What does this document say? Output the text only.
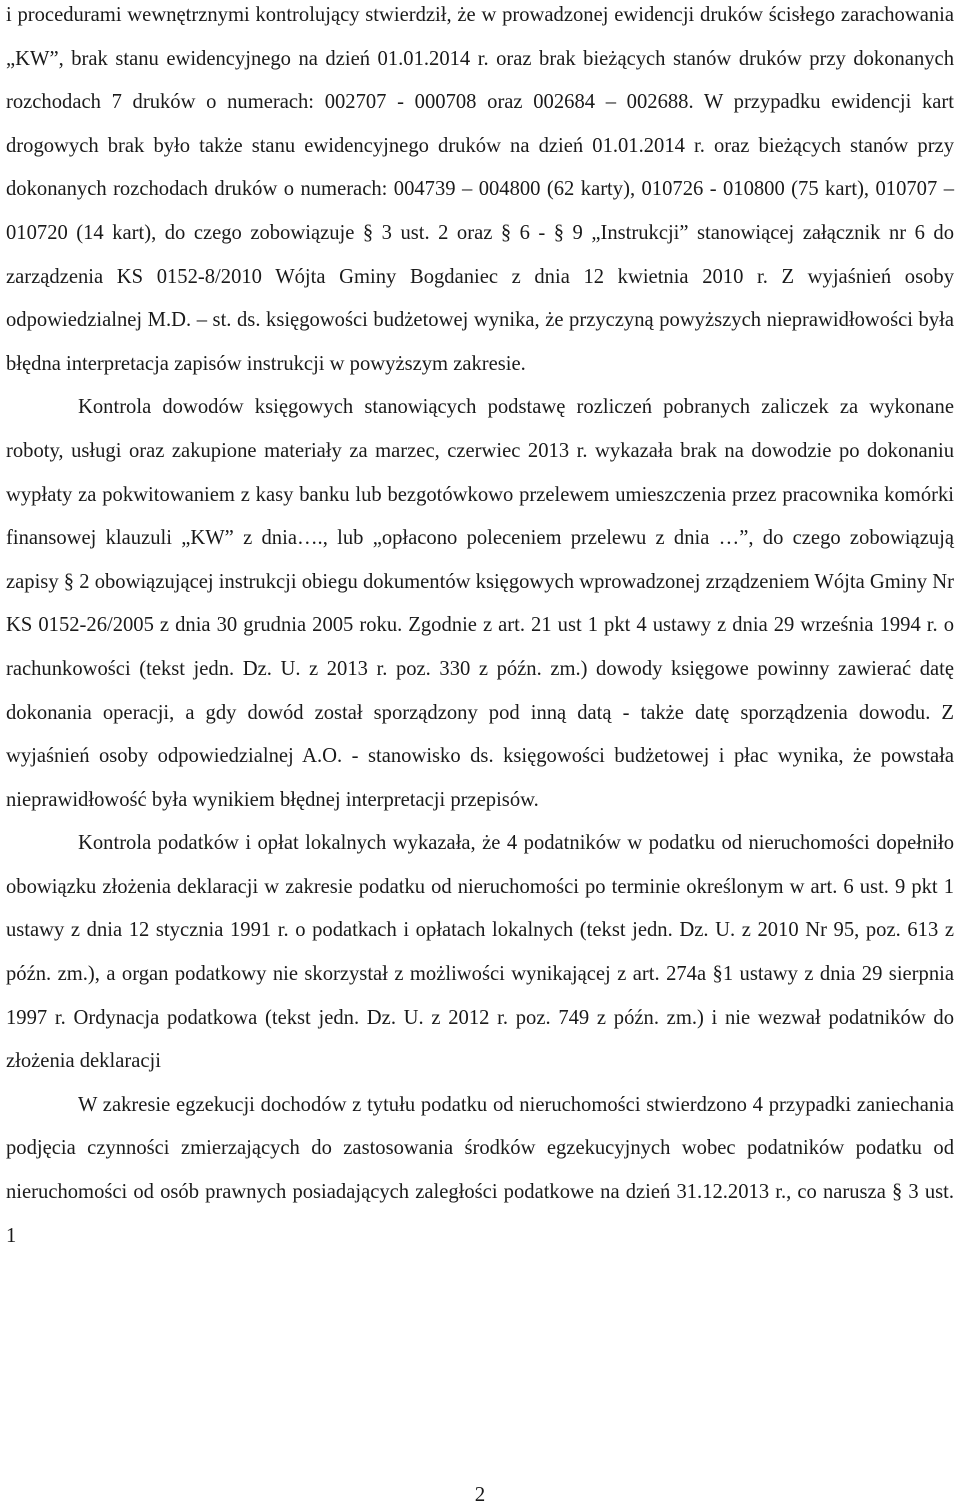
i procedurami wewnętrznymi kontrolujący stwierdził, że w prowadzonej ewidencji druków ścisłego zarachowania „KW”, brak stanu ewidencyjnego na dzień 01.01.2014 r. oraz brak bieżących stanów druków przy dokonanych rozchodach 7 druków o numerach: 002707 - 000708 oraz 002684 – 002688. W przypadku ewidencji kart drogowych brak było także stanu ewidencyjnego druków na dzień 01.01.2014 r. oraz bieżących stanów przy dokonanych rozchodach druków o numerach: 004739 – 004800 (62 karty), 010726 - 010800 (75 kart), 010707 – 010720 (14 kart), do czego zobowiązuje § 3 ust. 2 oraz § 6 - § 9 „Instrukcji” stanowiącej załącznik nr 6 do zarządzenia KS 0152-8/2010 Wójta Gminy Bogdaniec z dnia 12 kwietnia 2010 r. Z wyjaśnień osoby odpowiedzialnej M.D. – st. ds. księgowości budżetowej wynika, że przyczyną powyższych nieprawidłowości była błędna interpretacja zapisów instrukcji w powyższym zakresie.

Kontrola dowodów księgowych stanowiących podstawę rozliczeń pobranych zaliczek za wykonane roboty, usługi oraz zakupione materiały za marzec, czerwiec 2013 r. wykazała brak na dowodzie po dokonaniu wypłaty za pokwitowaniem z kasy banku lub bezgotówkowo przelewem umieszczenia przez pracownika komórki finansowej klauzuli „KW” z dnia…., lub „opłacono poleceniem przelewu z dnia …”, do czego zobowiązują zapisy § 2 obowiązującej instrukcji obiegu dokumentów księgowych wprowadzonej zrządzeniem Wójta Gminy Nr KS 0152-26/2005 z dnia 30 grudnia 2005 roku. Zgodnie z art. 21 ust 1 pkt 4 ustawy z dnia 29 września 1994 r. o rachunkowości (tekst jedn. Dz. U. z 2013 r. poz. 330 z późn. zm.) dowody księgowe powinny zawierać datę dokonania operacji, a gdy dowód został sporządzony pod inną datą - także datę sporządzenia dowodu. Z wyjaśnień osoby odpowiedzialnej A.O. - stanowisko ds. księgowości budżetowej i płac wynika, że powstała nieprawidłowość była wynikiem błędnej interpretacji przepisów.

Kontrola podatków i opłat lokalnych wykazała, że 4 podatników w podatku od nieruchomości dopełniło obowiązku złożenia deklaracji w zakresie podatku od nieruchomości po terminie określonym w art. 6 ust. 9 pkt 1 ustawy z dnia 12 stycznia 1991 r. o podatkach i opłatach lokalnych (tekst jedn. Dz. U. z 2010 Nr 95, poz. 613 z późn. zm.), a organ podatkowy nie skorzystał z możliwości wynikającej z art. 274a §1 ustawy z dnia 29 sierpnia 1997 r. Ordynacja podatkowa (tekst jedn. Dz. U. z 2012 r. poz. 749 z późn. zm.) i nie wezwał podatników do złożenia deklaracji

W zakresie egzekucji dochodów z tytułu podatku od nieruchomości stwierdzono 4 przypadki zaniechania podjęcia czynności zmierzających do zastosowania środków egzekucyjnych wobec podatników podatku od nieruchomości od osób prawnych posiadających zaległości podatkowe na dzień 31.12.2013 r., co narusza § 3 ust. 1

2
